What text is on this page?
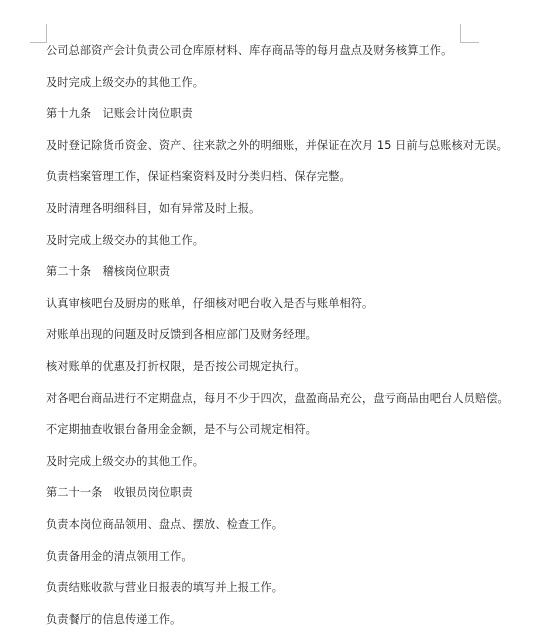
公司总部资产会计负责公司仓库原材料、库存商品等的每月盘点及财务核算工作。
及时完成上级交办的其他工作。
第十九条　记账会计岗位职责
及时登记除货币资金、资产、往来款之外的明细账，并保证在次月 15 日前与总账核对无误。
负责档案管理工作，保证档案资料及时分类归档、保存完整。
及时清理各明细科目，如有异常及时上报。
及时完成上级交办的其他工作。
第二十条　稽核岗位职责
认真审核吧台及厨房的账单，仔细核对吧台收入是否与账单相符。
对账单出现的问题及时反馈到各相应部门及财务经理。
核对账单的优惠及打折权限，是否按公司规定执行。
对各吧台商品进行不定期盘点，每月不少于四次，盘盈商品充公，盘亏商品由吧台人员赔偿。
不定期抽查收银台备用金金额，是不与公司规定相符。
及时完成上级交办的其他工作。
第二十一条　收银员岗位职责
负责本岗位商品领用、盘点、摆放、检查工作。
负责备用金的清点领用工作。
负责结账收款与营业日报表的填写并上报工作。
负责餐厅的信息传递工作。
